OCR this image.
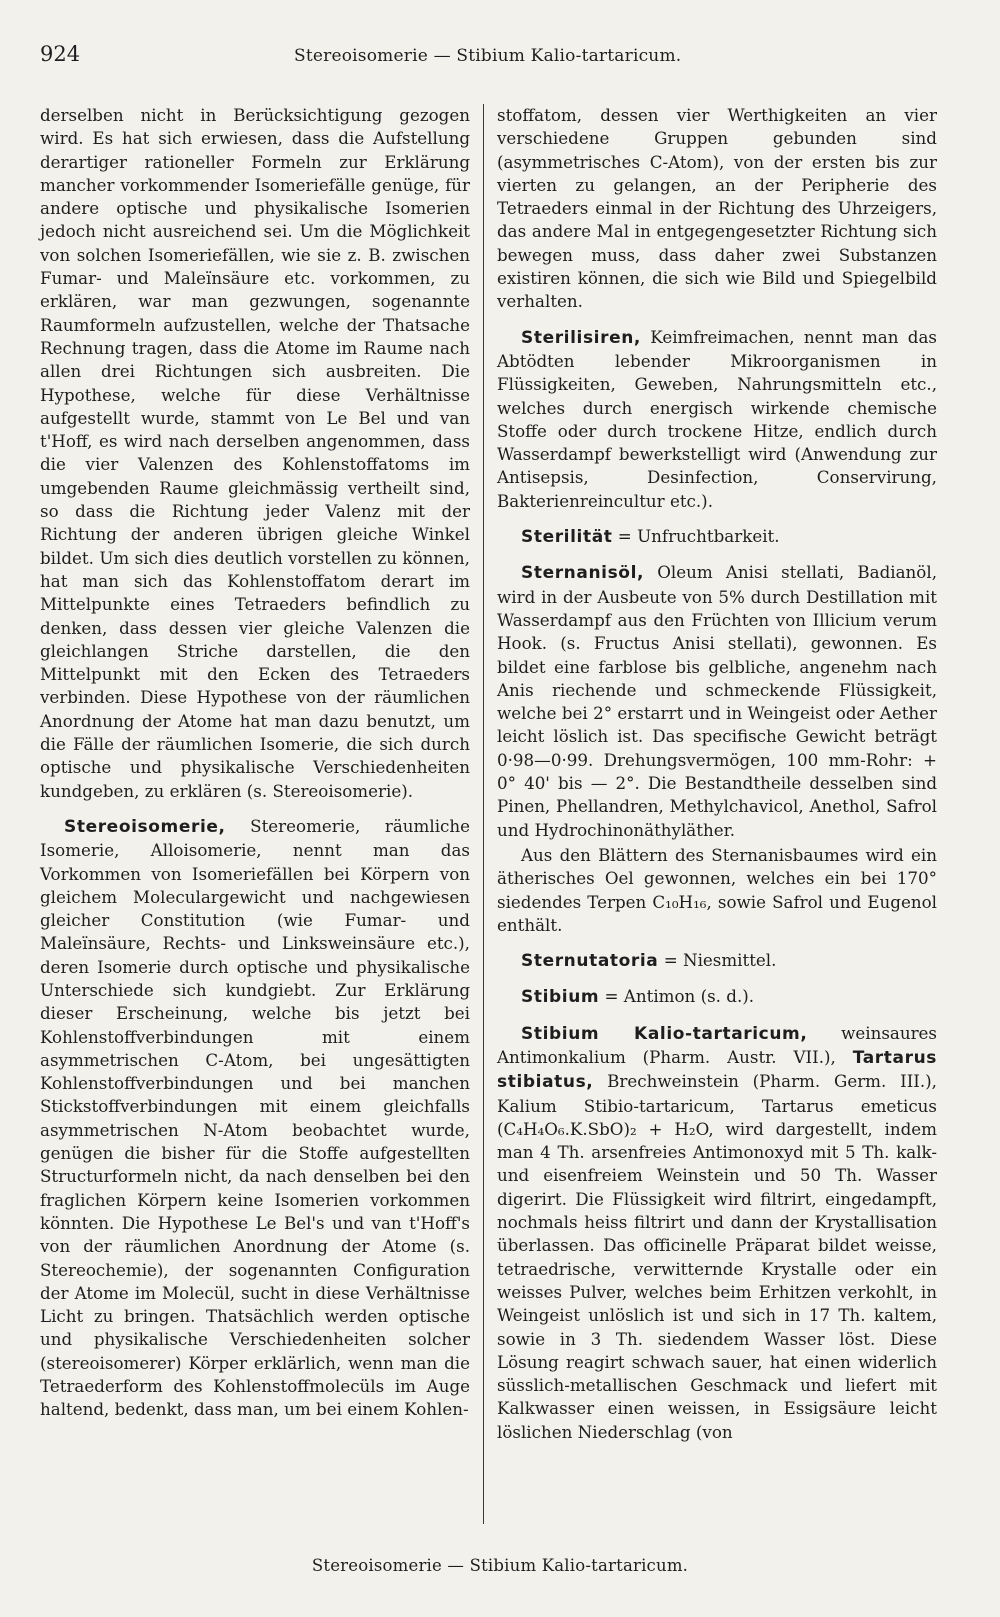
924	Stereoisomerie — Stibium Kalio-tartaricum.

derselben nicht in Berücksichtigung gezogen wird. Es hat sich erwiesen, dass die Aufstellung derartiger rationeller Formeln zur Erklärung mancher vorkommender Isomeriefälle genüge, für andere optische und physikalische Isomerien jedoch nicht ausreichend sei. Um die Möglichkeit von solchen Isomeriefällen, wie sie z. B. zwischen Fumar- und Maleïnsäure etc. vorkommen, zu erklären, war man gezwungen, sogenannte Raumformeln aufzustellen, welche der Thatsache Rechnung tragen, dass die Atome im Raume nach allen drei Richtungen sich ausbreiten. Die Hypothese, welche für diese Verhältnisse aufgestellt wurde, stammt von Le Bel und van t'Hoff, es wird nach derselben angenommen, dass die vier Valenzen des Kohlenstoffatoms im umgebenden Raume gleichmässig vertheilt sind, so dass die Richtung jeder Valenz mit der Richtung der anderen übrigen gleiche Winkel bildet. Um sich dies deutlich vorstellen zu können, hat man sich das Kohlenstoffatom derart im Mittelpunkte eines Tetraeders befindlich zu denken, dass dessen vier gleiche Valenzen die gleichlangen Striche darstellen, die den Mittelpunkt mit den Ecken des Tetraeders verbinden. Diese Hypothese von der räumlichen Anordnung der Atome hat man dazu benutzt, um die Fälle der räumlichen Isomerie, die sich durch optische und physikalische Verschiedenheiten kundgeben, zu erklären (s. Stereoisomerie).

Stereoisomerie, Stereomerie, räumliche Isomerie, Alloisomerie, nennt man das Vorkommen von Isomeriefällen bei Körpern von gleichem Moleculargewicht und nachgewiesen gleicher Constitution (wie Fumar- und Maleïnsäure, Rechts- und Linksweinsäure etc.), deren Isomerie durch optische und physikalische Unterschiede sich kundgiebt. Zur Erklärung dieser Erscheinung, welche bis jetzt bei Kohlenstoffverbindungen mit einem asymmetrischen C-Atom, bei ungesättigten Kohlenstoffverbindungen und bei manchen Stickstoffverbindungen mit einem gleichfalls asymmetrischen N-Atom beobachtet wurde, genügen die bisher für die Stoffe aufgestellten Structurformeln nicht, da nach denselben bei den fraglichen Körpern keine Isomerien vorkommen könnten. Die Hypothese Le Bel's und van t'Hoff's von der räumlichen Anordnung der Atome (s. Stereochemie), der sogenannten Configuration der Atome im Molecül, sucht in diese Verhältnisse Licht zu bringen. Thatsächlich werden optische und physikalische Verschiedenheiten solcher (stereoisomerer) Körper erklärlich, wenn man die Tetraederform des Kohlenstoffmolecüls im Auge haltend, bedenkt, dass man, um bei einem Kohlen-

stoffatom, dessen vier Werthigkeiten an vier verschiedene Gruppen gebunden sind (asymmetrisches C-Atom), von der ersten bis zur vierten zu gelangen, an der Peripherie des Tetraeders einmal in der Richtung des Uhrzeigers, das andere Mal in entgegengesetzter Richtung sich bewegen muss, dass daher zwei Substanzen existiren können, die sich wie Bild und Spiegelbild verhalten.

Sterilisiren, Keimfreimachen, nennt man das Abtödten lebender Mikroorganismen in Flüssigkeiten, Geweben, Nahrungsmitteln etc., welches durch energisch wirkende chemische Stoffe oder durch trockene Hitze, endlich durch Wasserdampf bewerkstelligt wird (Anwendung zur Antisepsis, Desinfection, Conservirung, Bakterienreincultur etc.).

Sterilität = Unfruchtbarkeit.

Sternanisöl, Oleum Anisi stellati, Badianöl, wird in der Ausbeute von 5% durch Destillation mit Wasserdampf aus den Früchten von Illicium verum Hook. (s. Fructus Anisi stellati), gewonnen. Es bildet eine farblose bis gelbliche, angenehm nach Anis riechende und schmeckende Flüssigkeit, welche bei 2° erstarrt und in Weingeist oder Aether leicht löslich ist. Das specifische Gewicht beträgt 0·98—0·99. Drehungsvermögen, 100 mm-Rohr: + 0° 40' bis — 2°. Die Bestandtheile desselben sind Pinen, Phellandren, Methylchavicol, Anethol, Safrol und Hydrochinonäthyläther.

Aus den Blättern des Sternanisbaumes wird ein ätherisches Oel gewonnen, welches ein bei 170° siedendes Terpen C₁₀H₁₆, sowie Safrol und Eugenol enthält.

Sternutatoria = Niesmittel.

Stibium = Antimon (s. d.).

Stibium Kalio-tartaricum, weinsaures Antimonkalium (Pharm. Austr. VII.), Tartarus stibiatus, Brechweinstein (Pharm. Germ. III.), Kalium Stibio-tartaricum, Tartarus emeticus (C₄H₄O₆.K.SbO)₂ + H₂O, wird dargestellt, indem man 4 Th. arsenfreies Antimonoxyd mit 5 Th. kalk- und eisenfreiem Weinstein und 50 Th. Wasser digerirt. Die Flüssigkeit wird filtrirt, eingedampft, nochmals heiss filtrirt und dann der Krystallisation überlassen. Das officinelle Präparat bildet weisse, tetraedrische, verwitternde Krystalle oder ein weisses Pulver, welches beim Erhitzen verkohlt, in Weingeist unlöslich ist und sich in 17 Th. kaltem, sowie in 3 Th. siedendem Wasser löst. Diese Lösung reagirt schwach sauer, hat einen widerlich süsslich-metallischen Geschmack und liefert mit Kalkwasser einen weissen, in Essigsäure leicht löslichen Niederschlag (von

Stereoisomerie — Stibium Kalio-tartaricum.
